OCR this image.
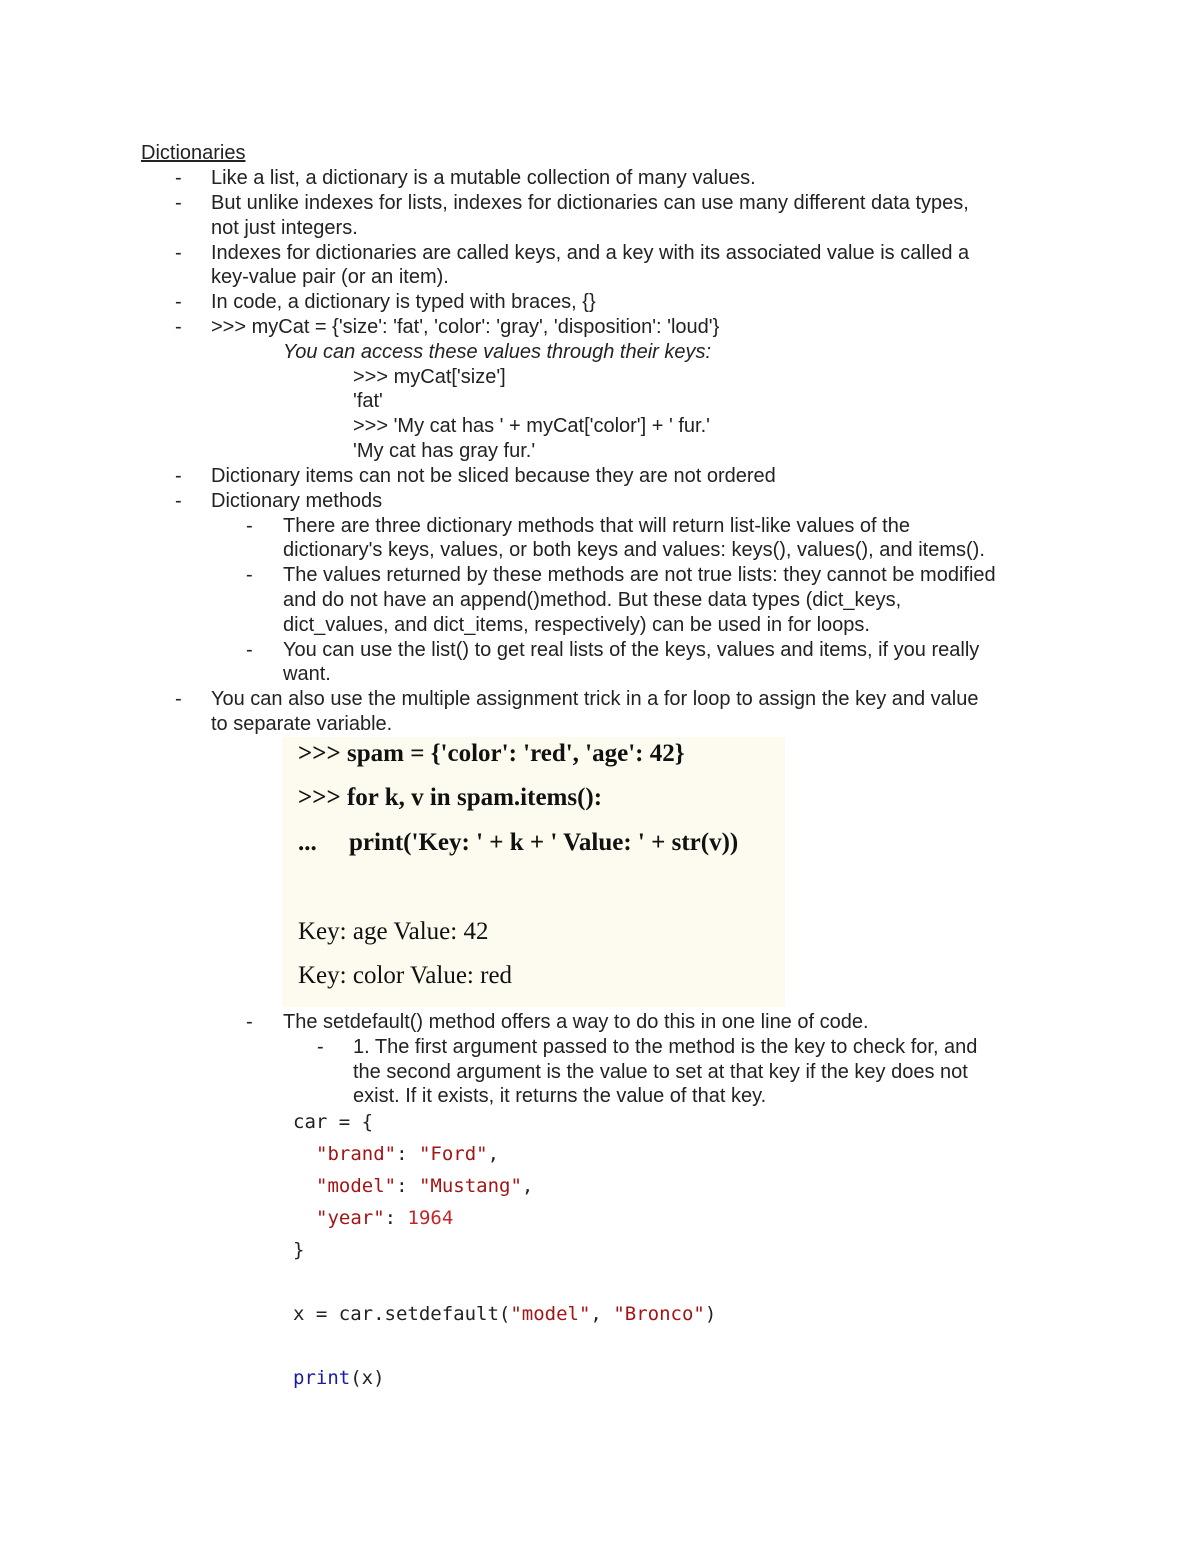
Dictionaries
- Like a list, a dictionary is a mutable collection of many values.
- But unlike indexes for lists, indexes for dictionaries can use many different data types,
not just integers.
- Indexes for dictionaries are called keys, and a key with its associated value is called a
key-value pair (or an item).
- In code, a dictionary is typed with braces, {}
- >>> myCat = {'size': 'fat', 'color': 'gray', 'disposition': 'loud'}
You can access these values through their keys:
>>> myCat['size']
'fat'
>>> 'My cat has ' + myCat['color'] + ' fur.'
'My cat has gray fur.'
- Dictionary items can not be sliced because they are not ordered
- Dictionary methods
- There are three dictionary methods that will return list-like values of the
dictionary's keys, values, or both keys and values: keys(), values(), and items().
- The values returned by these methods are not true lists: they cannot be modified
and do not have an append()method. But these data types (dict_keys,
dict_values, and dict_items, respectively) can be used in for loops.
- You can use the list() to get real lists of the keys, values and items, if you really
want.
- You can also use the multiple assignment trick in a for loop to assign the key and value
to separate variable.
>>> spam = {'color': 'red', 'age': 42}
>>> for k, v in spam.items():
... print('Key: ' + k + ' Value: ' + str(v))
Key: age Value: 42
Key: color Value: red
- The setdefault() method offers a way to do this in one line of code.
- 1. The first argument passed to the method is the key to check for, and
the second argument is the value to set at that key if the key does not
exist. If it exists, it returns the value of that key.
car = {
"brand": "Ford",
"model": "Mustang",
"year": 1964
}
x = car.setdefault("model", "Bronco")
print(x)
